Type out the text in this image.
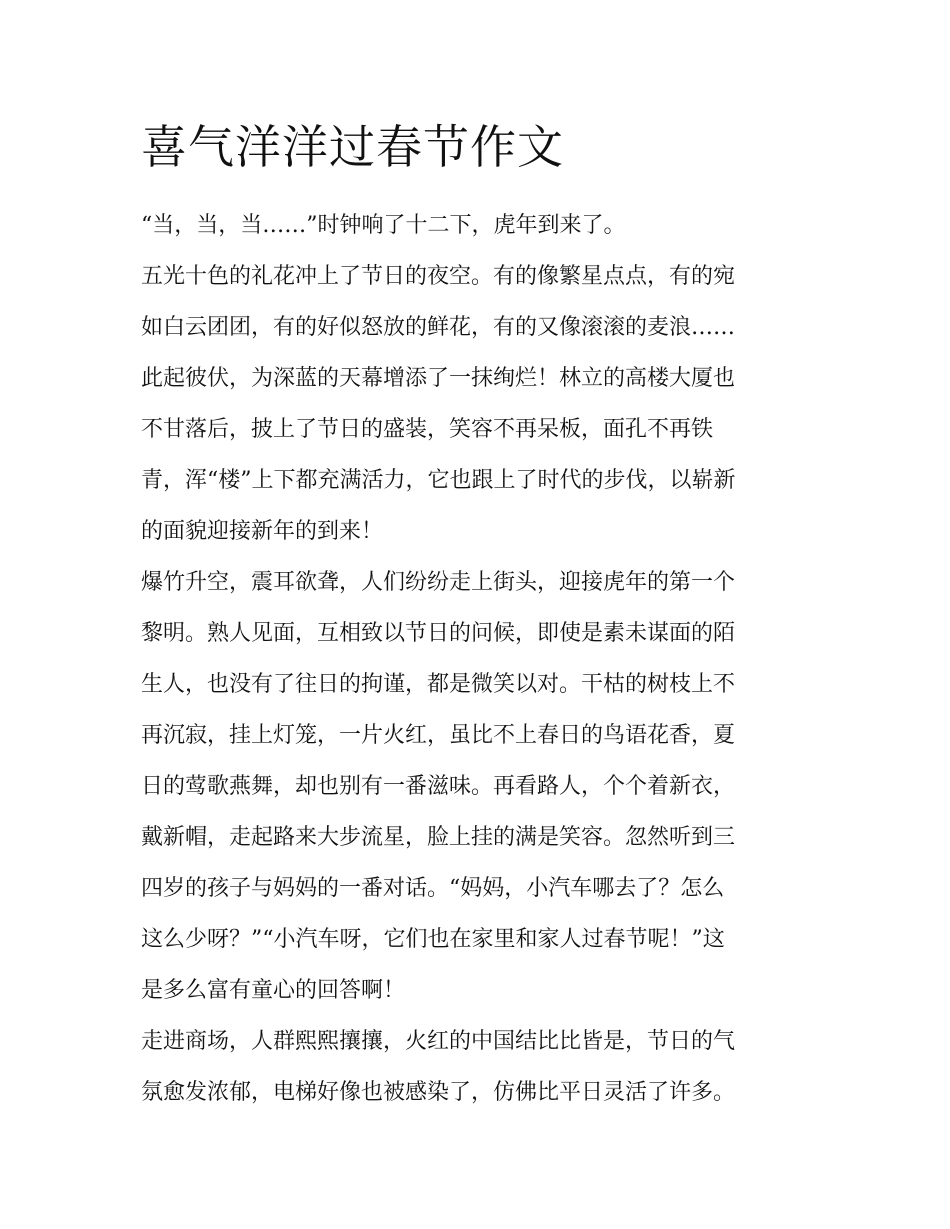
喜气洋洋过春节作文
“当，当，当……”时钟响了十二下，虎年到来了。
五光十色的礼花冲上了节日的夜空。有的像繁星点点，有的宛
如白云团团，有的好似怒放的鲜花，有的又像滚滚的麦浪……
此起彼伏，为深蓝的天幕增添了一抹绚烂！林立的高楼大厦也
不甘落后，披上了节日的盛装，笑容不再呆板，面孔不再铁
青，浑“楼”上下都充满活力，它也跟上了时代的步伐，以崭新
的面貌迎接新年的到来！
爆竹升空，震耳欲聋，人们纷纷走上街头，迎接虎年的第一个
黎明。熟人见面，互相致以节日的问候，即使是素未谋面的陌
生人，也没有了往日的拘谨，都是微笑以对。干枯的树枝上不
再沉寂，挂上灯笼，一片火红，虽比不上春日的鸟语花香，夏
日的莺歌燕舞，却也别有一番滋味。再看路人，个个着新衣，
戴新帽，走起路来大步流星，脸上挂的满是笑容。忽然听到三
四岁的孩子与妈妈的一番对话。“妈妈，小汽车哪去了？怎么
这么少呀？”“小汽车呀，它们也在家里和家人过春节呢！”这
是多么富有童心的回答啊！
走进商场，人群熙熙攘攘，火红的中国结比比皆是，节日的气
氛愈发浓郁，电梯好像也被感染了，仿佛比平日灵活了许多。
